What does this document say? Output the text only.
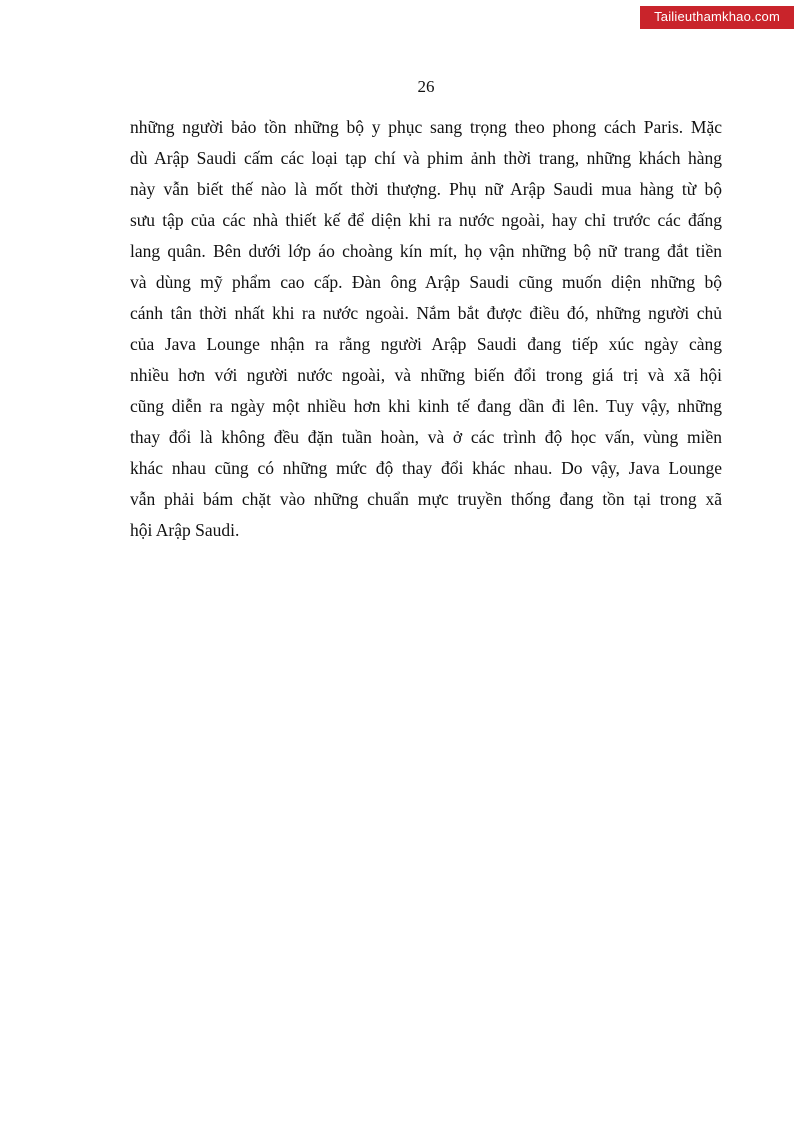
Tailieuthamkhao.com
26
những người bảo tồn những bộ y phục sang trọng theo phong cách Paris. Mặc
dù Arập Saudi cấm các loại tạp chí và phim ảnh thời trang, những khách hàng
này vẫn biết thế nào là mốt thời thượng. Phụ nữ Arập Saudi mua hàng từ bộ
sưu tập của các nhà thiết kế để diện khi ra nước ngoài, hay chỉ trước các đấng
lang quân. Bên dưới lớp áo choàng kín mít, họ vận những bộ nữ trang đắt tiền
và dùng mỹ phẩm cao cấp. Đàn ông Arập Saudi cũng muốn diện những bộ
cánh tân thời nhất khi ra nước ngoài. Nắm bắt được điều đó, những người chủ
của Java Lounge nhận ra rằng người Arập Saudi đang tiếp xúc ngày càng
nhiều hơn với người nước ngoài, và những biến đổi trong giá trị và xã hội
cũng diễn ra ngày một nhiều hơn khi kinh tế đang dần đi lên. Tuy vậy, những
thay đổi là không đều đặn tuần hoàn, và ở các trình độ học vấn, vùng miền
khác nhau cũng có những mức độ thay đổi khác nhau. Do vậy, Java Lounge
vẫn phải bám chặt vào những chuẩn mực truyền thống đang tồn tại trong xã
hội Arập Saudi.
